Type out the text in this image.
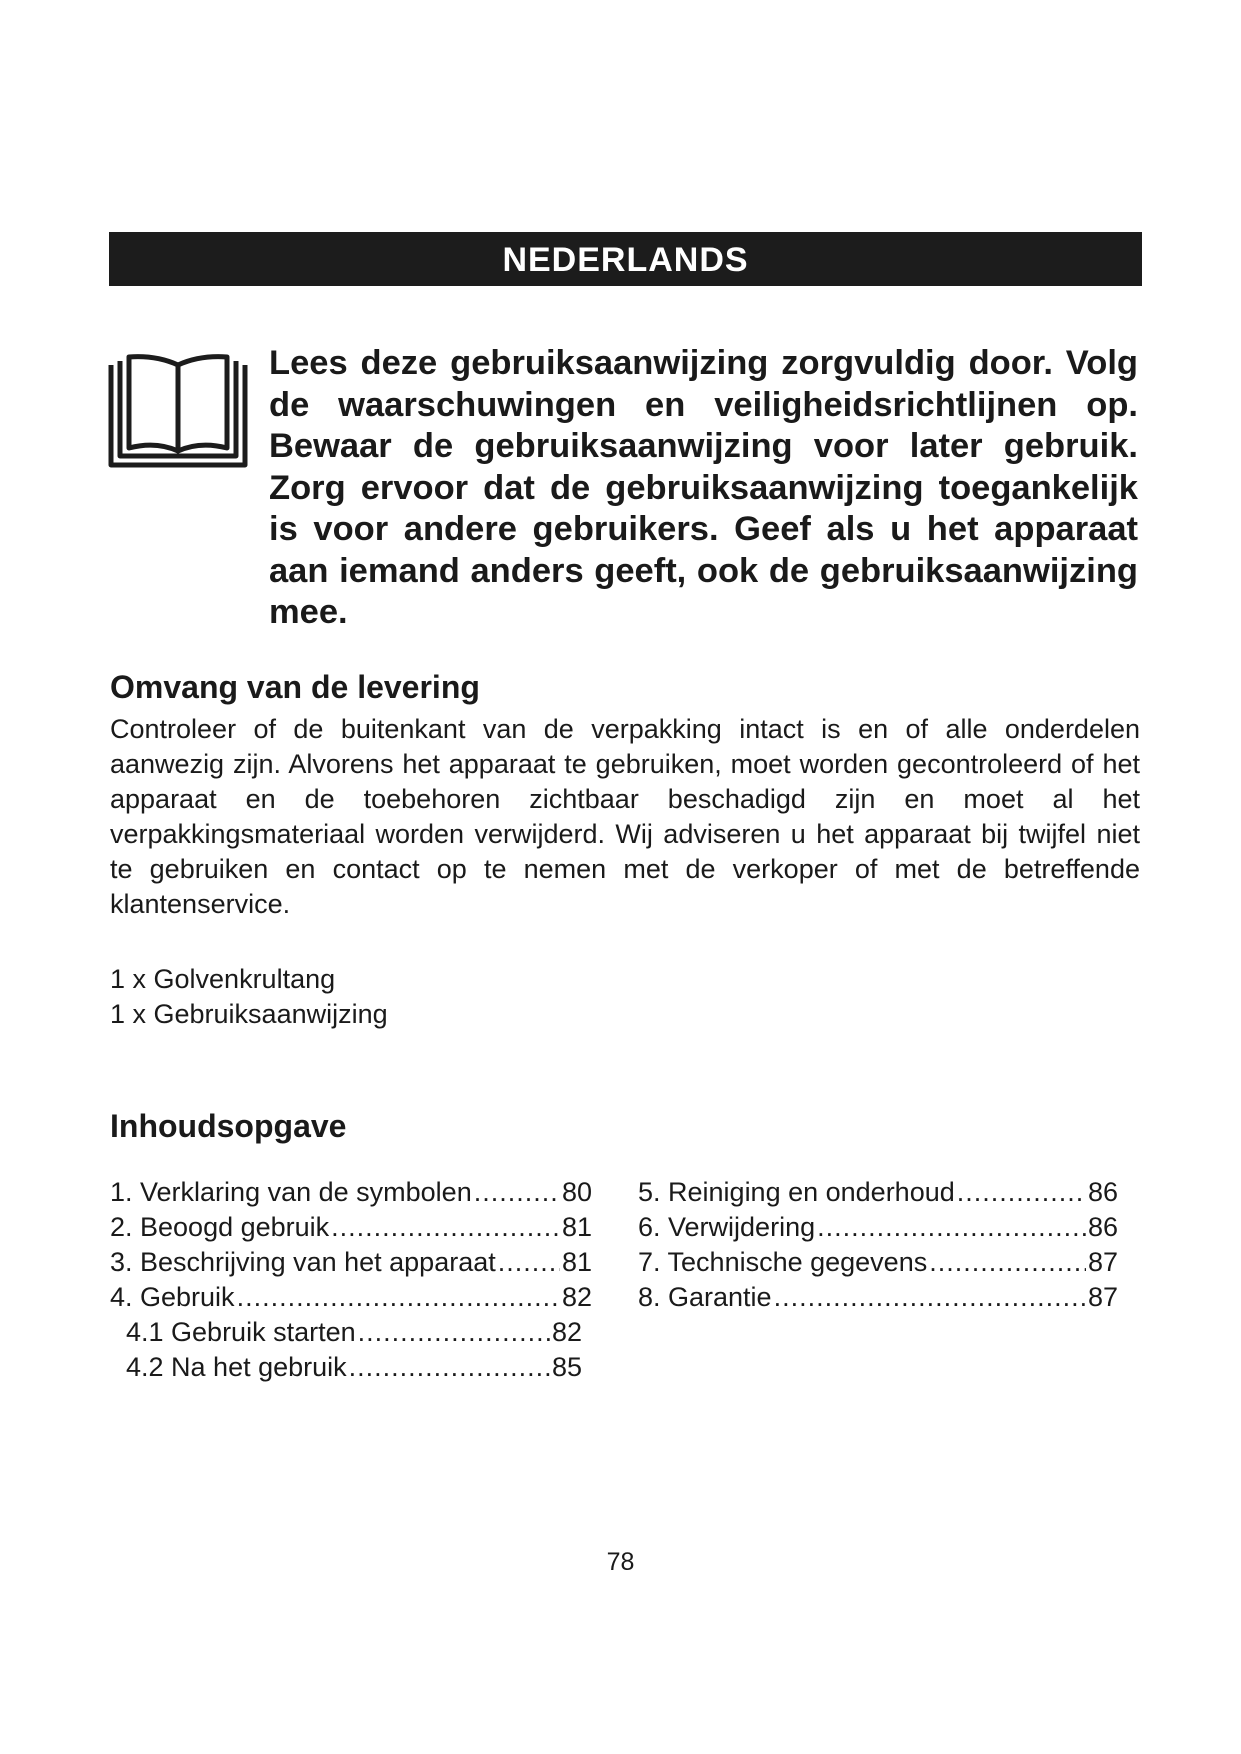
NEDERLANDS

Lees deze gebruiksaanwijzing zorgvuldig door. Volg de waarschuwingen en veiligheidsrichtlijnen op. Bewaar de gebruiksaanwijzing voor later gebruik. Zorg ervoor dat de gebruiksaanwijzing toegankelijk is voor andere gebruikers. Geef als u het apparaat aan iemand anders geeft, ook de gebruiksaanwijzing mee.

Omvang van de levering

Controleer of de buitenkant van de verpakking intact is en of alle onderdelen aanwezig zijn. Alvorens het apparaat te gebruiken, moet worden gecontroleerd of het apparaat en de toebehoren zichtbaar beschadigd zijn en moet al het verpakkingsmateriaal worden verwijderd. Wij adviseren u het apparaat bij twijfel niet te gebruiken en contact op te nemen met de verkoper of met de betreffende klantenservice.

1 x Golvenkrultang
1 x Gebruiksaanwijzing
Inhoudsopgave
1. Verklaring van de symbolen .....	80
2. Beoogd gebruik .....	81
3. Beschrijving van het apparaat ..... 81
4. Gebruik .....	82
4.1 Gebruik starten .....	82
4.2 Na het gebruik .....	85
5. Reiniging en onderhoud .....	86
6. Verwijdering .....	86
7. Technische gegevens .....	87
8. Garantie .....	87

78
